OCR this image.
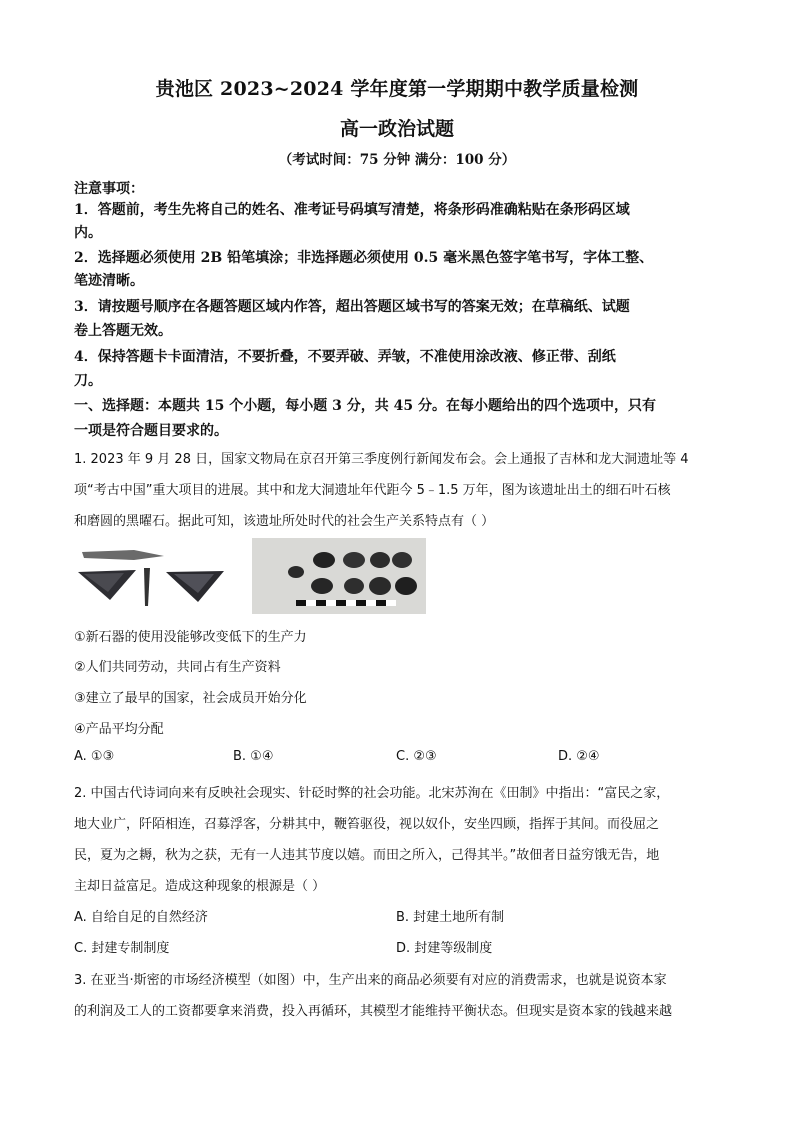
贵池区 2023~2024 学年度第一学期期中教学质量检测
高一政治试题
（考试时间：75 分钟 满分：100 分）
注意事项：
1．答题前，考生先将自己的姓名、准考证号码填写清楚，将条形码准确粘贴在条形码区域
内。
2．选择题必须使用 2B 铅笔填涂；非选择题必须使用 0.5 毫米黑色签字笔书写，字体工整、
笔迹清晰。
3．请按题号顺序在各题答题区域内作答，超出答题区域书写的答案无效；在草稿纸、试题
卷上答题无效。
4．保持答题卡卡面清洁，不要折叠，不要弄破、弄皱，不准使用涂改液、修正带、刮纸
刀。
一、选择题：本题共 15 个小题，每小题 3 分，共 45 分。在每小题给出的四个选项中，只有
一项是符合题目要求的。
1. 2023 年 9 月 28 日，国家文物局在京召开第三季度例行新闻发布会。会上通报了吉林和龙大洞遗址等 4
项“考古中国”重大项目的进展。其中和龙大洞遗址年代距今 5﹣1.5 万年，图为该遗址出土的细石叶石核
和磨圆的黑曜石。据此可知，该遗址所处时代的社会生产关系特点有（ ）
①新石器的使用没能够改变低下的生产力
②人们共同劳动，共同占有生产资料
③建立了最早的国家，社会成员开始分化
④产品平均分配
A. ①③	B. ①④	C. ②③	D. ②④
2. 中国古代诗词向来有反映社会现实、针砭时弊的社会功能。北宋苏洵在《田制》中指出：“富民之家，
地大业广，阡陌相连，召募浮客，分耕其中，鞭笞驱役，视以奴仆，安坐四顾，指挥于其间。而役屈之
民，夏为之耨，秋为之获，无有一人违其节度以嬉。而田之所入，己得其半。”故佃者日益穷饿无告，地
主却日益富足。造成这种现象的根源是（ ）
A. 自给自足的自然经济	B. 封建土地所有制
C. 封建专制制度	D. 封建等级制度
3. 在亚当·斯密的市场经济模型（如图）中，生产出来的商品必须要有对应的消费需求，也就是说资本家
的利润及工人的工资都要拿来消费，投入再循环，其模型才能维持平衡状态。但现实是资本家的钱越来越
